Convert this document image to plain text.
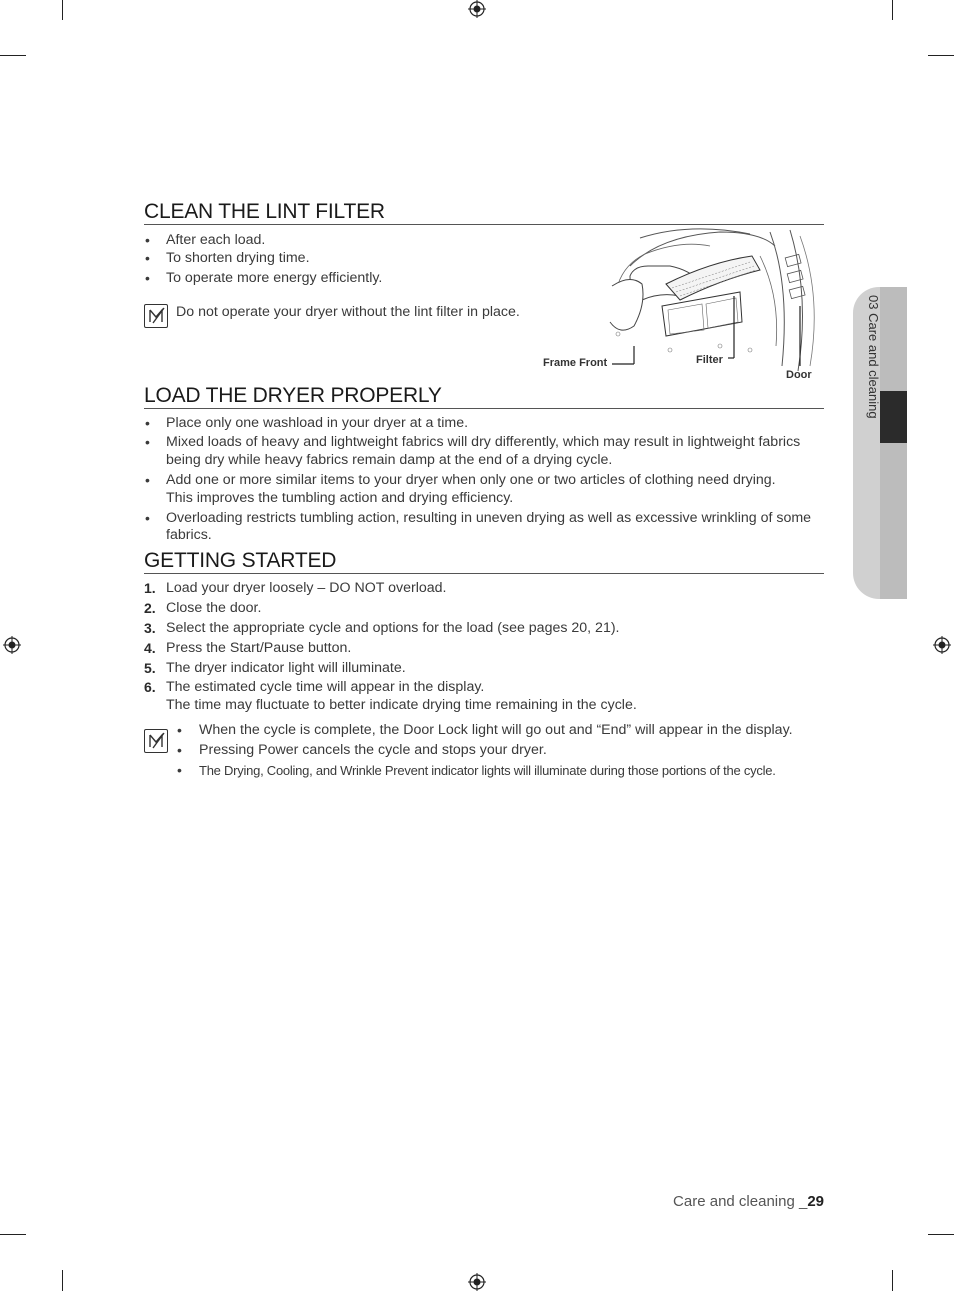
03 Care and cleaning
CLEAN THE LINT FILTER
• After each load.
• To shorten drying time.
• To operate more energy efficiently.
Do not operate your dryer without the lint filter in place.
Frame Front	Filter
Door
LOAD THE DRYER PROPERLY
• Place only one washload in your dryer at a time.
• Mixed loads of heavy and lightweight fabrics will dry differently, which may result in lightweight fabrics
being dry while heavy fabrics remain damp at the end of a drying cycle.
• Add one or more similar items to your dryer when only one or two articles of clothing need drying.
This improves the tumbling action and drying efficiency.
• Overloading restricts tumbling action, resulting in uneven drying as well as excessive wrinkling of some
fabrics.
GETTING STARTED
1. Load your dryer loosely – DO NOT overload.
2. Close the door.
3. Select the appropriate cycle and options for the load (see pages 20, 21).
4. Press the Start/Pause button.
5. The dryer indicator light will illuminate.
6. The estimated cycle time will appear in the display.
The time may fluctuate to better indicate drying time remaining in the cycle.
• When the cycle is complete, the Door Lock light will go out and “End” will appear in the display.
• Pressing Power cancels the cycle and stops your dryer.
• The Drying, Cooling, and Wrinkle Prevent indicator lights will illuminate during those portions of the cycle.
Care and cleaning _29
